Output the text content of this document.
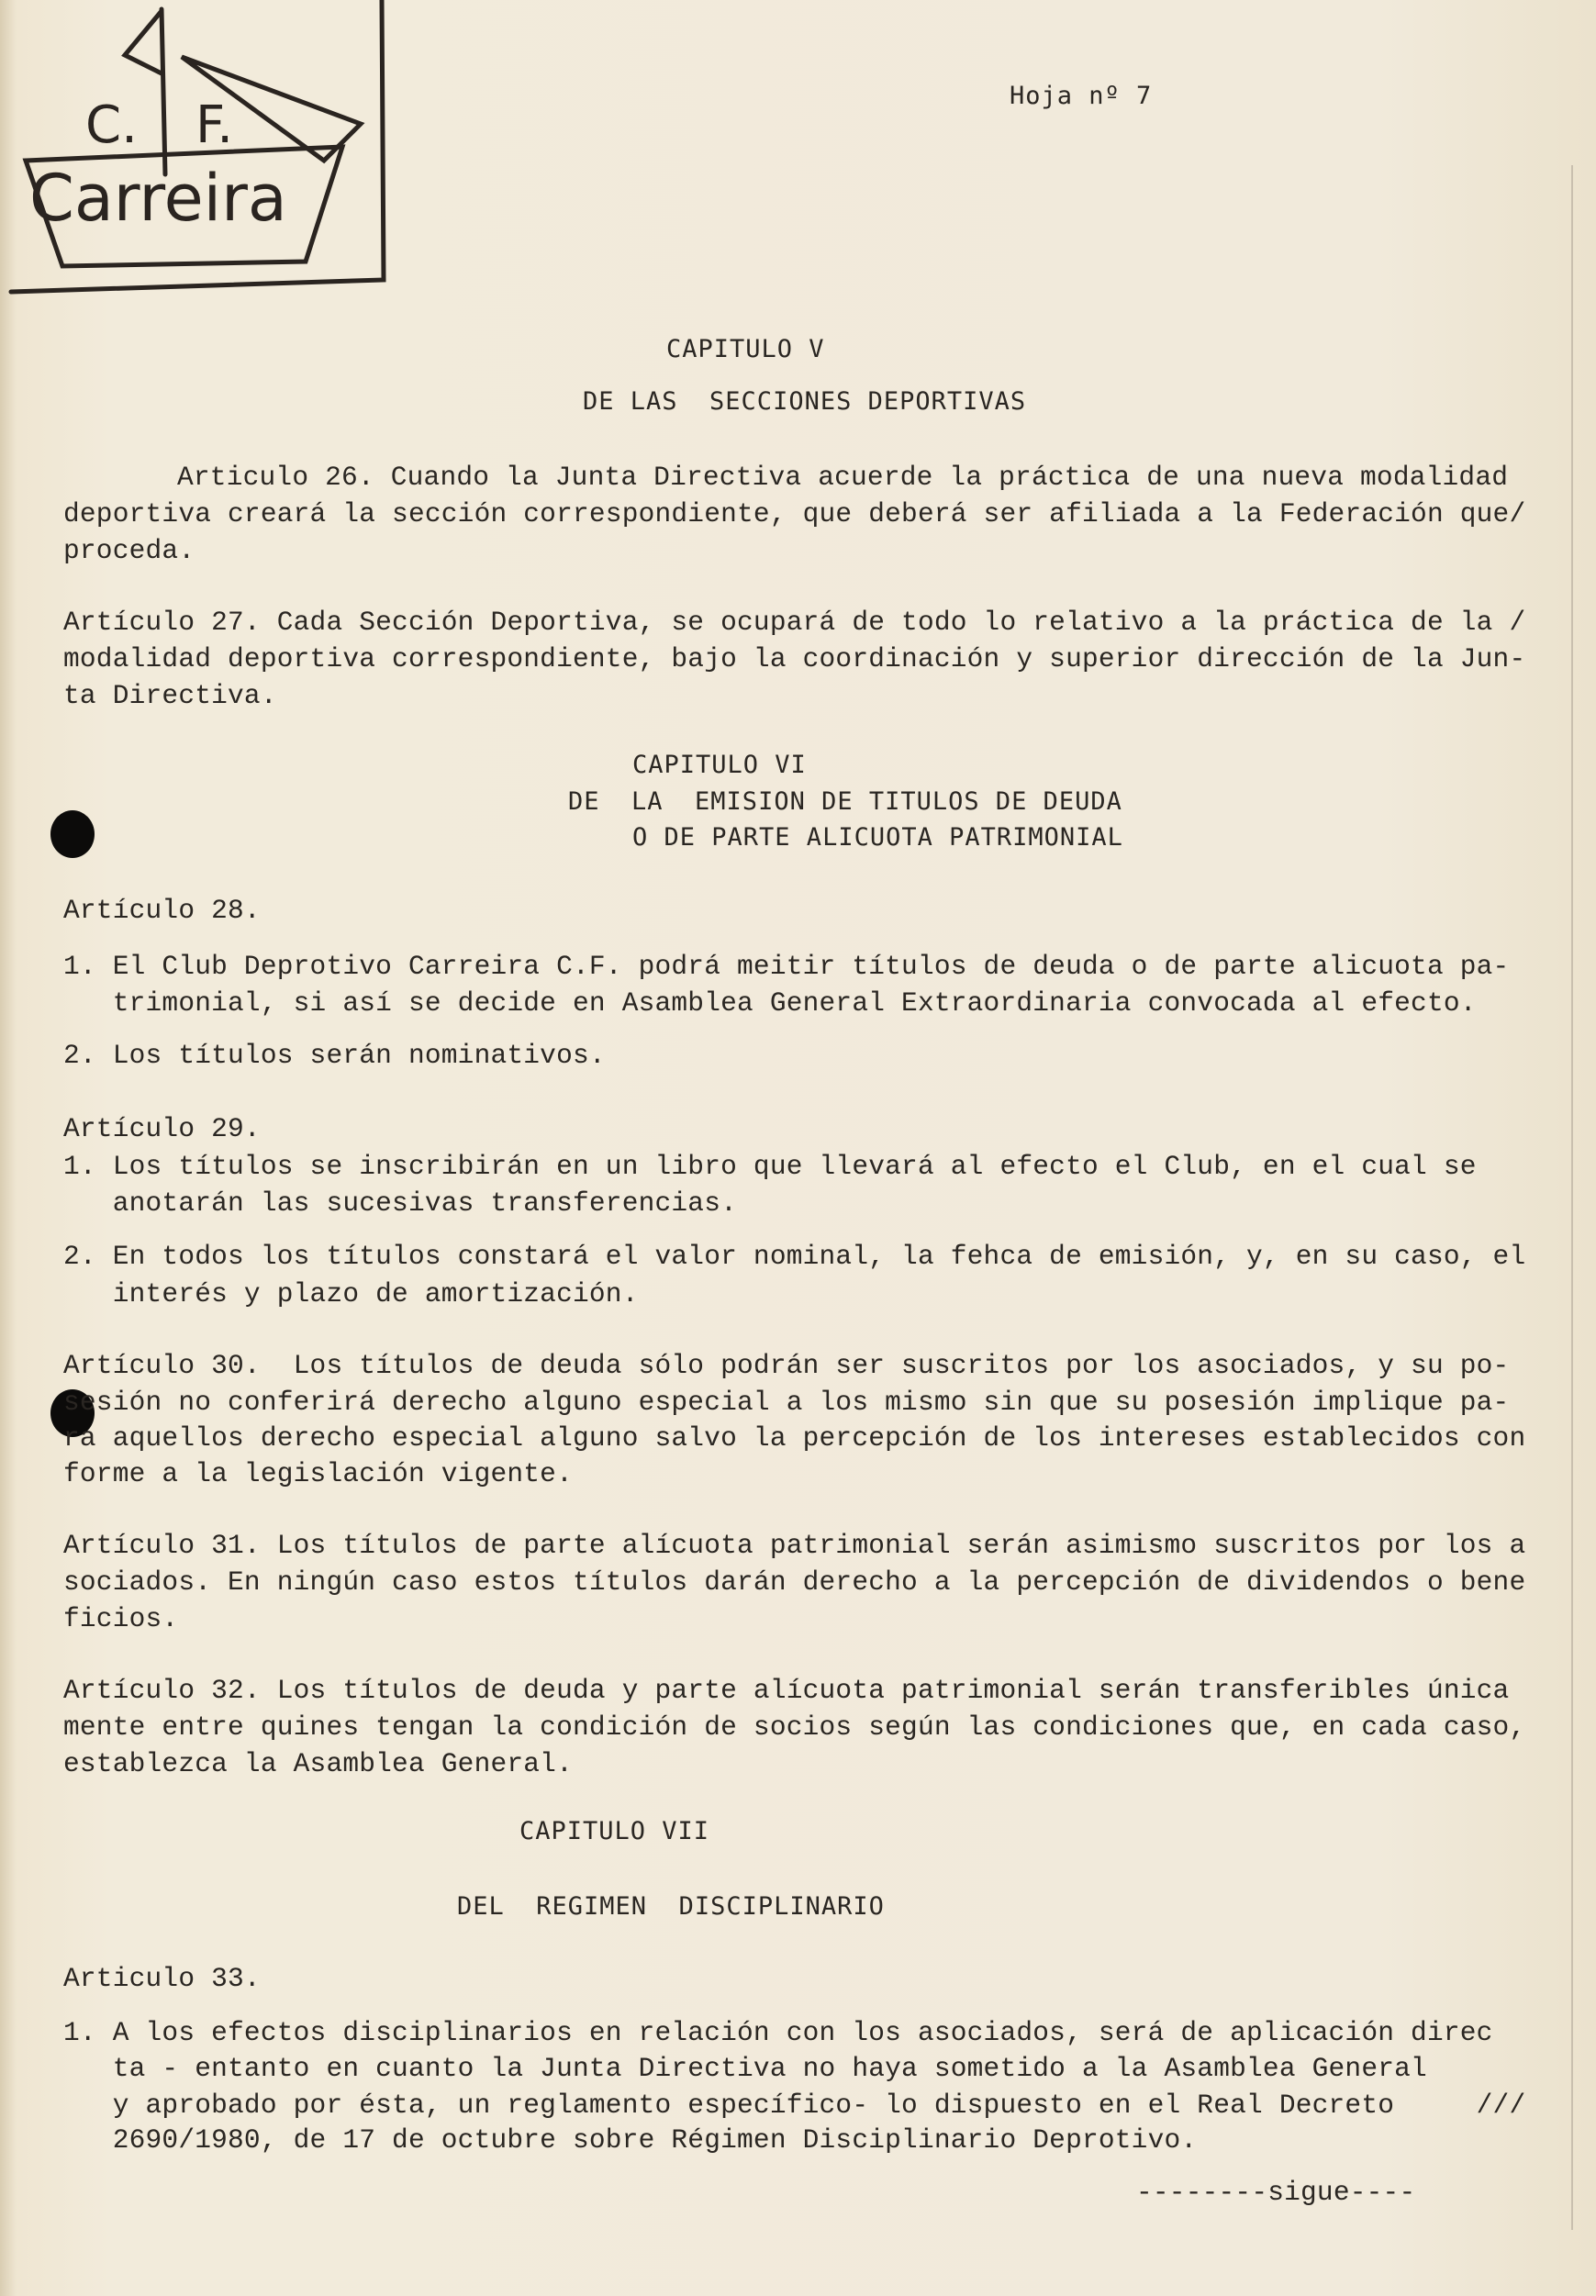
C. F.
Carreira
Hoja nº 7
CAPITULO V
DE LAS  SECCIONES DEPORTIVAS
Articulo 26. Cuando la Junta Directiva acuerde la práctica de una nueva modalidad
deportiva creará la sección correspondiente, que deberá ser afiliada a la Federación que/
proceda.
Artículo 27. Cada Sección Deportiva, se ocupará de todo lo relativo a la práctica de la /
modalidad deportiva correspondiente, bajo la coordinación y superior dirección de la Jun-
ta Directiva.
CAPITULO VI
DE  LA  EMISION DE TITULOS DE DEUDA
O DE PARTE ALICUOTA PATRIMONIAL
Artículo 28.
1. El Club Deprotivo Carreira C.F. podrá meitir títulos de deuda o de parte alicuota pa-
trimonial, si así se decide en Asamblea General Extraordinaria convocada al efecto.
2. Los títulos serán nominativos.
Artículo 29.
1. Los títulos se inscribirán en un libro que llevará al efecto el Club, en el cual se
anotarán las sucesivas transferencias.
2. En todos los títulos constará el valor nominal, la fehca de emisión, y, en su caso, el
interés y plazo de amortización.
Artículo 30.  Los títulos de deuda sólo podrán ser suscritos por los asociados, y su po-
sesión no conferirá derecho alguno especial a los mismo sin que su posesión implique pa-
ra aquellos derecho especial alguno salvo la percepción de los intereses establecidos con
forme a la legislación vigente.
Artículo 31. Los títulos de parte alícuota patrimonial serán asimismo suscritos por los a
sociados. En ningún caso estos títulos darán derecho a la percepción de dividendos o bene
ficios.
Artículo 32. Los títulos de deuda y parte alícuota patrimonial serán transferibles única
mente entre quines tengan la condición de socios según las condiciones que, en cada caso,
establezca la Asamblea General.
CAPITULO VII
DEL  REGIMEN  DISCIPLINARIO
Articulo 33.
1. A los efectos disciplinarios en relación con los asociados, será de aplicación direc
ta - entanto en cuanto la Junta Directiva no haya sometido a la Asamblea General
y aprobado por ésta, un reglamento específico- lo dispuesto en el Real Decreto     ///
2690/1980, de 17 de octubre sobre Régimen Disciplinario Deprotivo.
--------sigue----
